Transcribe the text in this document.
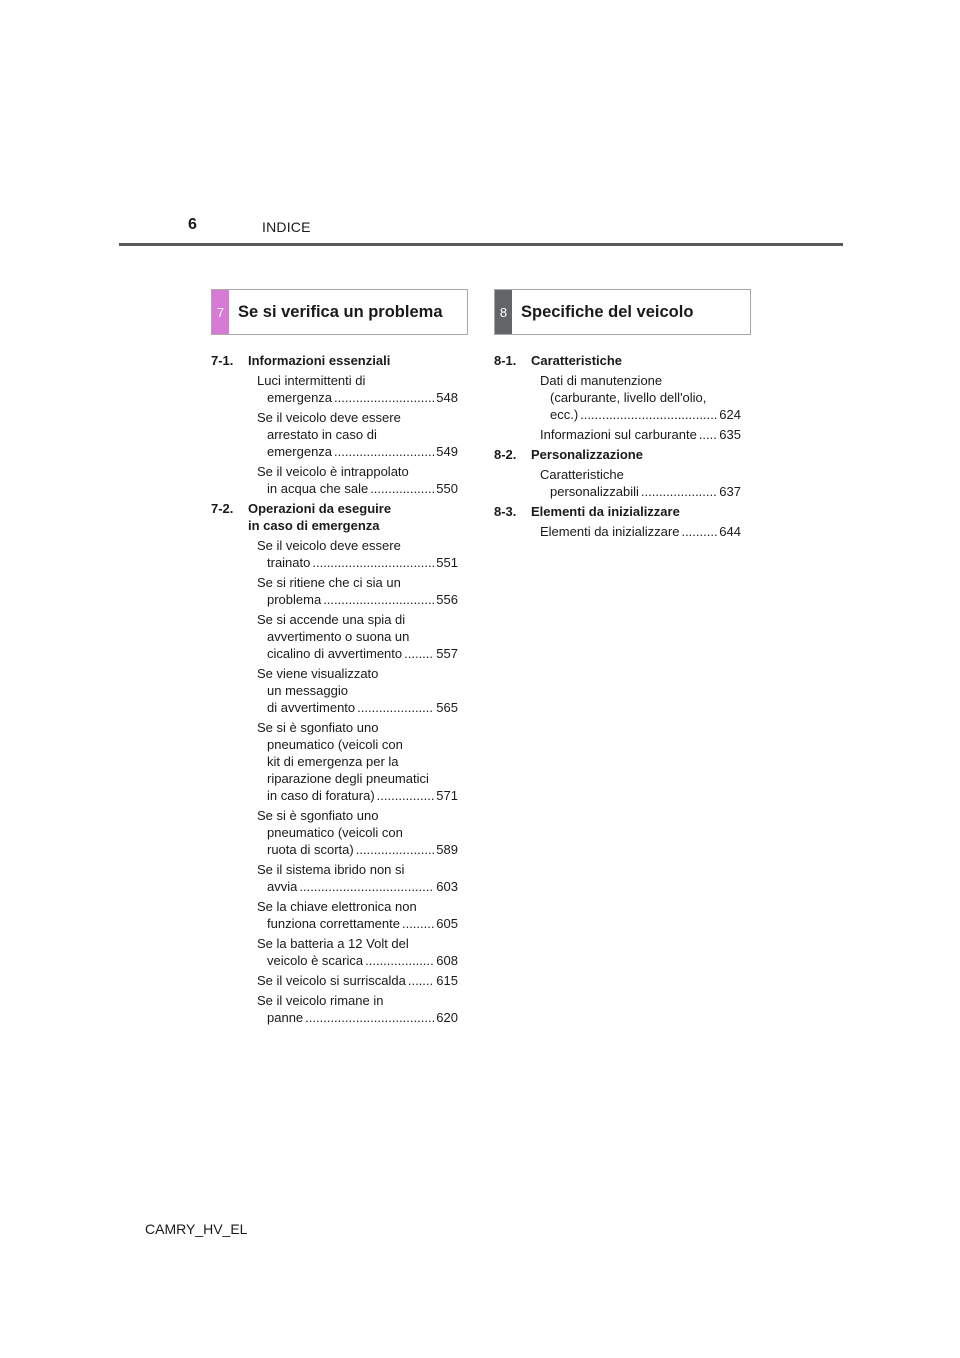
6	INDICE
7 Se si verifica un problema	8 Specifiche del veicolo
7-1.	Informazioni essenziali
Luci intermittenti di
emergenza .....	548
Se il veicolo deve essere
arrestato in caso di
emergenza .....	549
Se il veicolo è intrappolato
in acqua che sale .....	550
7-2.	Operazioni da eseguire
in caso di emergenza
Se il veicolo deve essere
trainato .....	551
Se si ritiene che ci sia un
problema .....	556
Se si accende una spia di
avvertimento o suona un
cicalino di avvertimento .....	557
Se viene visualizzato
un messaggio
di avvertimento .....	565
Se si è sgonfiato uno
pneumatico (veicoli con
kit di emergenza per la
riparazione degli pneumatici
in caso di foratura) .....	571
Se si è sgonfiato uno
pneumatico (veicoli con
ruota di scorta) .....	589
Se il sistema ibrido non si
avvia .....	603
Se la chiave elettronica non
funziona correttamente .....	605
Se la batteria a 12 Volt del
veicolo è scarica .....	608
Se il veicolo si surriscalda ..... 615
Se il veicolo rimane in
panne .....	620
8-1.	Caratteristiche
Dati di manutenzione
(carburante, livello dell'olio,
ecc.) .....	624
Informazioni sul carburante ..... 635
8-2.	Personalizzazione
Caratteristiche
personalizzabili .....	637
8-3.	Elementi da inizializzare
Elementi da inizializzare .....	644
CAMRY_HV_EL
